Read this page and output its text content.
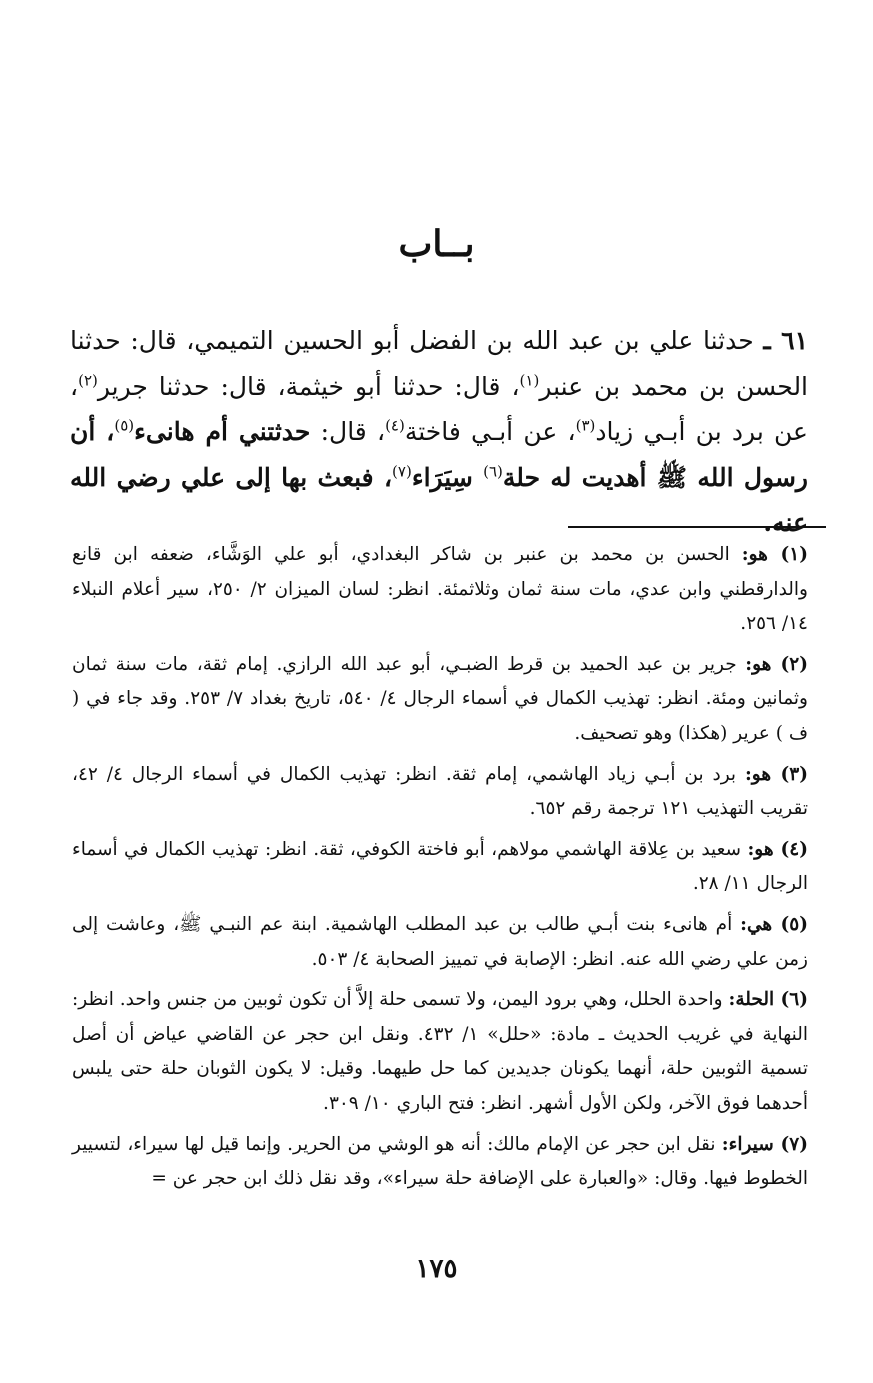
بــاب

٦١ ـ حدثنا علي بن عبد الله بن الفضل أبو الحسين التميمي، قال: حدثنا الحسن بن محمد بن عنبر$^{(١)}$، قال: حدثنا أبو خيثمة، قال: حدثنا جرير$^{(٢)}$، عن برد بن أبـي زياد$^{(٣)}$، عن أبـي فاختة$^{(٤)}$، قال: حدثتني أم هانىء$^{(٥)}$، أن رسول الله ﷺ أهديت له حلة$^{(٦)}$ سِيَرَاء$^{(٧)}$، فبعث بها إلى علي رضي الله عنه.

(١) هو: الحسن بن محمد بن عنبر بن شاكر البغدادي، أبو علي الوَشَّاء، ضعفه ابن قانع والدارقطني وابن عدي، مات سنة ثمان وثلاثمئة. انظر: لسان الميزان ٢/ ٢٥٠، سير أعلام النبلاء ١٤/ ٢٥٦.

(٢) هو: جرير بن عبد الحميد بن قرط الضبـي، أبو عبد الله الرازي. إمام ثقة، مات سنة ثمان وثمانين ومئة. انظر: تهذيب الكمال في أسماء الرجال ٤/ ٥٤٠، تاريخ بغداد ٧/ ٢٥٣. وقد جاء في ( ف ) عرير (هكذا) وهو تصحيف.

(٣) هو: برد بن أبـي زياد الهاشمي، إمام ثقة. انظر: تهذيب الكمال في أسماء الرجال ٤/ ٤٢، تقريب التهذيب ١٢١ ترجمة رقم ٦٥٢.

(٤) هو: سعيد بن عِلاقة الهاشمي مولاهم، أبو فاختة الكوفي، ثقة. انظر: تهذيب الكمال في أسماء الرجال ١١/ ٢٨.

(٥) هي: أم هانىء بنت أبـي طالب بن عبد المطلب الهاشمية. ابنة عم النبـي ﷺ، وعاشت إلى زمن علي رضي الله عنه. انظر: الإصابة في تمييز الصحابة ٤/ ٥٠٣.

(٦) الحلة: واحدة الحلل، وهي برود اليمن، ولا تسمى حلة إلاَّ أن تكون ثوبين من جنس واحد. انظر: النهاية في غريب الحديث ـ مادة: «حلل» ١/ ٤٣٢. ونقل ابن حجر عن القاضي عياض أن أصل تسمية الثوبين حلة، أنهما يكونان جديدين كما حل طيهما. وقيل: لا يكون الثوبان حلة حتى يلبس أحدهما فوق الآخر، ولكن الأول أشهر. انظر: فتح الباري ١٠/ ٣٠٩.

(٧) سيراء: نقل ابن حجر عن الإمام مالك: أنه هو الوشي من الحرير. وإنما قيل لها سيراء، لتسيير الخطوط فيها. وقال: «والعبارة على الإضافة حلة سيراء»، وقد نقل ذلك ابن حجر عن =

١٧٥
